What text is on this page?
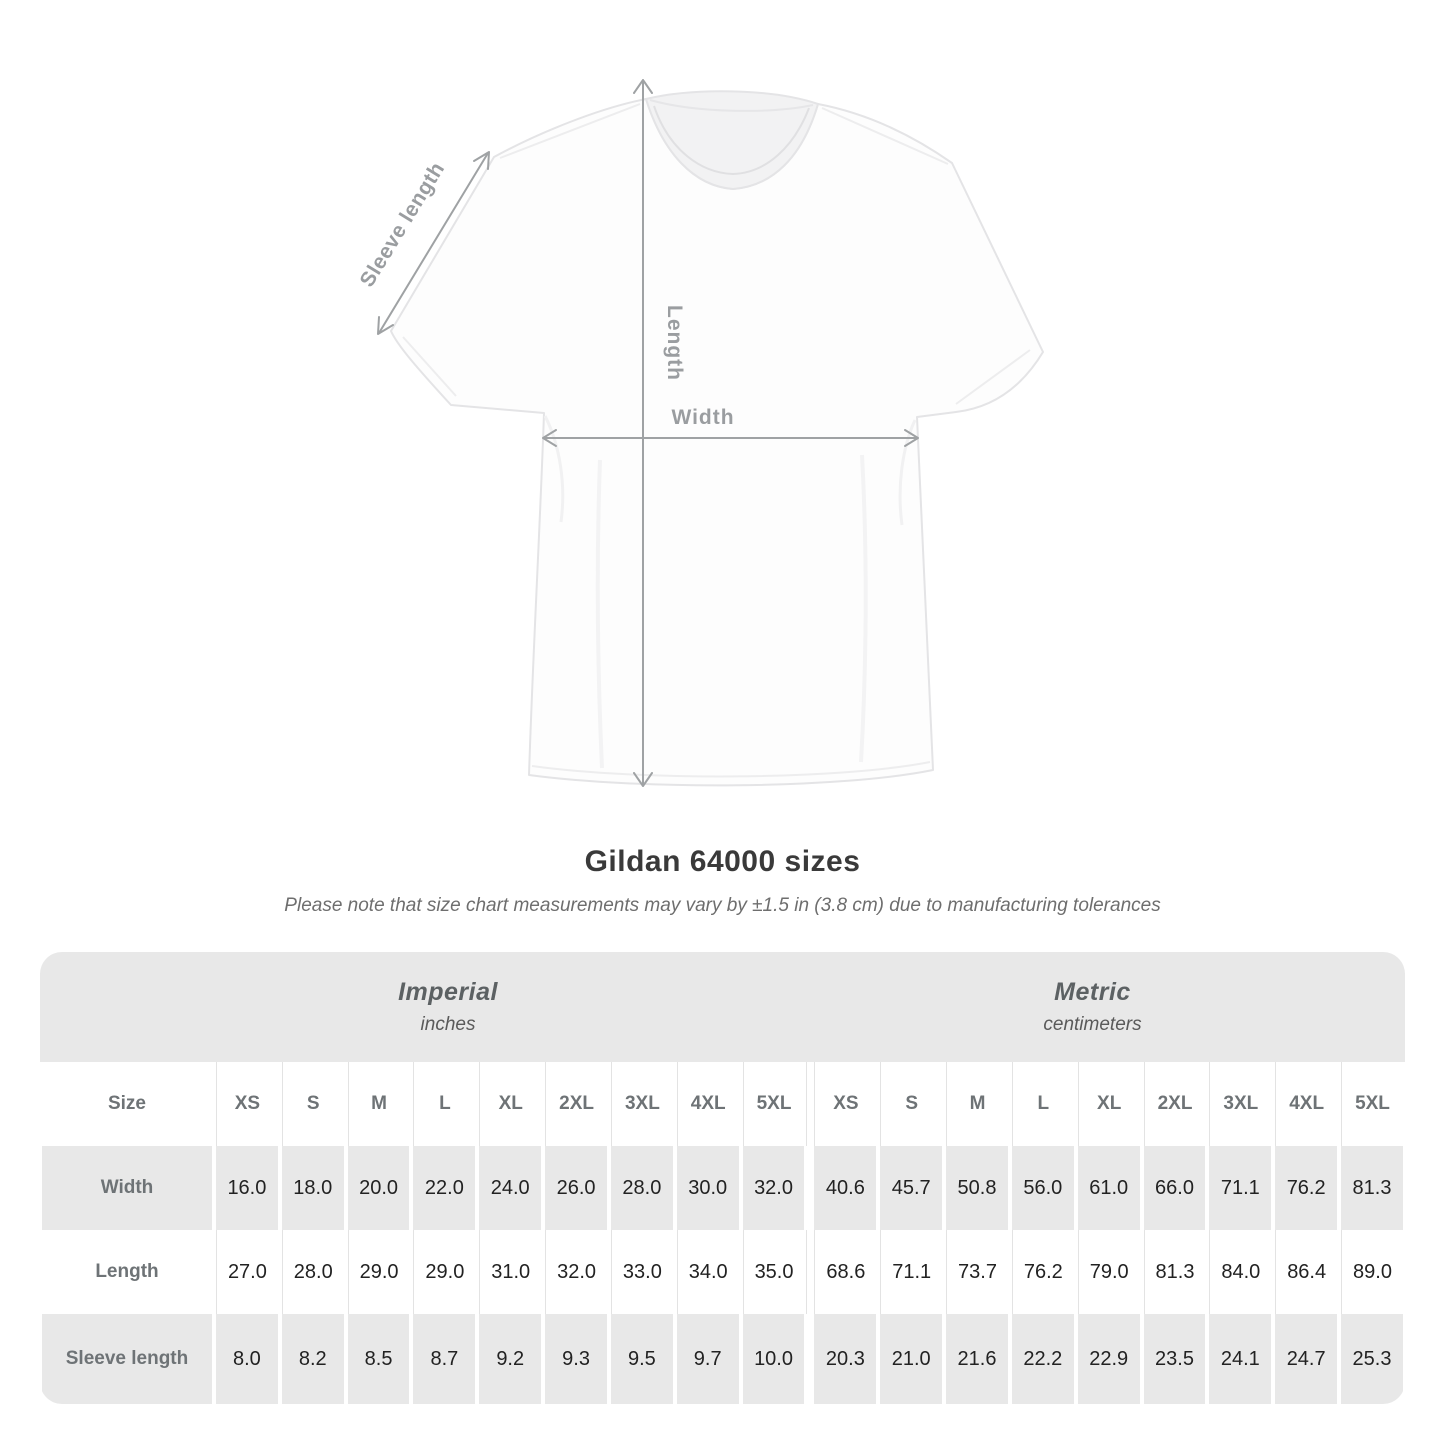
Sleeve length
Length
Width
Gildan 64000 sizes

Please note that size chart measurements may vary by ±1.5 in (3.8 cm) due to manufacturing tolerances

Imperial
inches
Metric
centimeters
Size	XS	S	M	L	XL	2XL	3XL	4XL	5XL	XS	S	M	L	XL	2XL	3XL	4XL	5XL
Width	16.0	18.0	20.0	22.0	24.0	26.0	28.0	30.0	32.0	40.6	45.7	50.8	56.0	61.0	66.0	71.1	76.2	81.3
Length	27.0	28.0	29.0	29.0	31.0	32.0	33.0	34.0	35.0	68.6	71.1	73.7	76.2	79.0	81.3	84.0	86.4	89.0
Sleeve length	8.0	8.2	8.5	8.7	9.2	9.3	9.5	9.7	10.0	20.3	21.0	21.6	22.2	22.9	23.5	24.1	24.7	25.3
